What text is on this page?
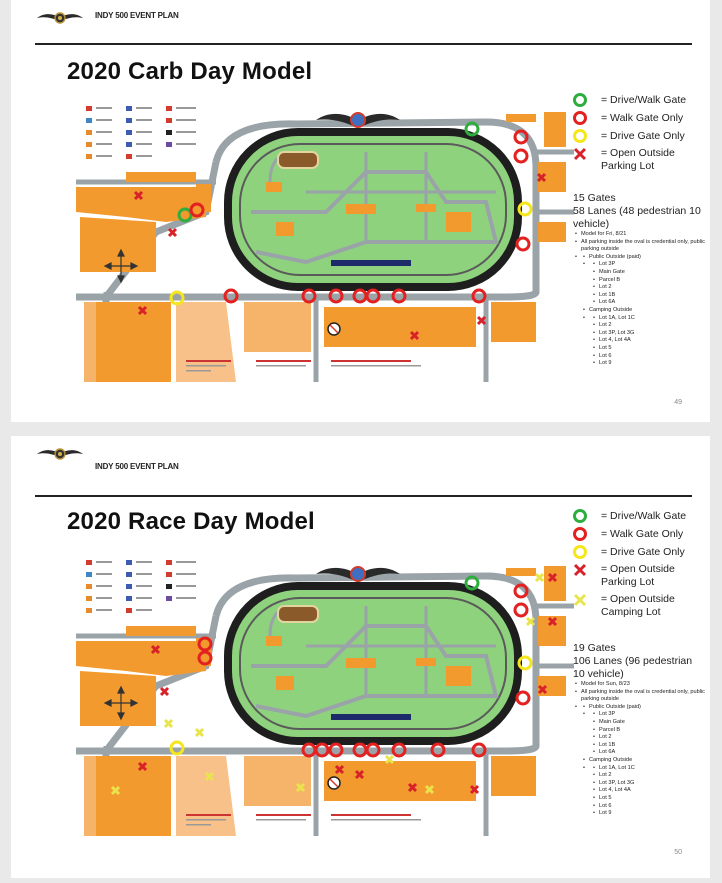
INDY 500 EVENT PLAN
2020 Carb Day Model
= Drive/Walk Gate
= Walk Gate Only
= Drive Gate Only
= Open Outside Parking Lot
15 Gates
58 Lanes (48 pedestrian 10 vehicle)
• Model for Fri, 8/21
• All parking inside the oval is credential only, public parking outside
• • Public Outside (paid)
• • Lot 3P
• Main Gate
• Parcel B
• Lot 2
• Lot 1B
• Lot 6A
• Camping Outside
• • Lot 1A, Lot 1C
• Lot 2
• Lot 3P, Lot 3G
• Lot 4, Lot 4A
• Lot 5
• Lot 6
• Lot 9
49
INDY 500 EVENT PLAN
2020 Race Day Model	= Drive/Walk Gate
= Walk Gate Only
= Drive Gate Only
= Open Outside Parking Lot
= Open Outside Camping Lot
19 Gates
106 Lanes (96 pedestrian 10 vehicle)
• Model for Sun, 8/23
• All parking inside the oval is credential only, public parking outside
• • Public Outside (paid)
• • Lot 3P
• Main Gate
• Parcel B
• Lot 2
• Lot 1B
• Lot 6A
• Camping Outside
• • Lot 1A, Lot 1C
• Lot 2
• Lot 3P, Lot 3G
• Lot 4, Lot 4A
• Lot 5
• Lot 6
• Lot 9
50
